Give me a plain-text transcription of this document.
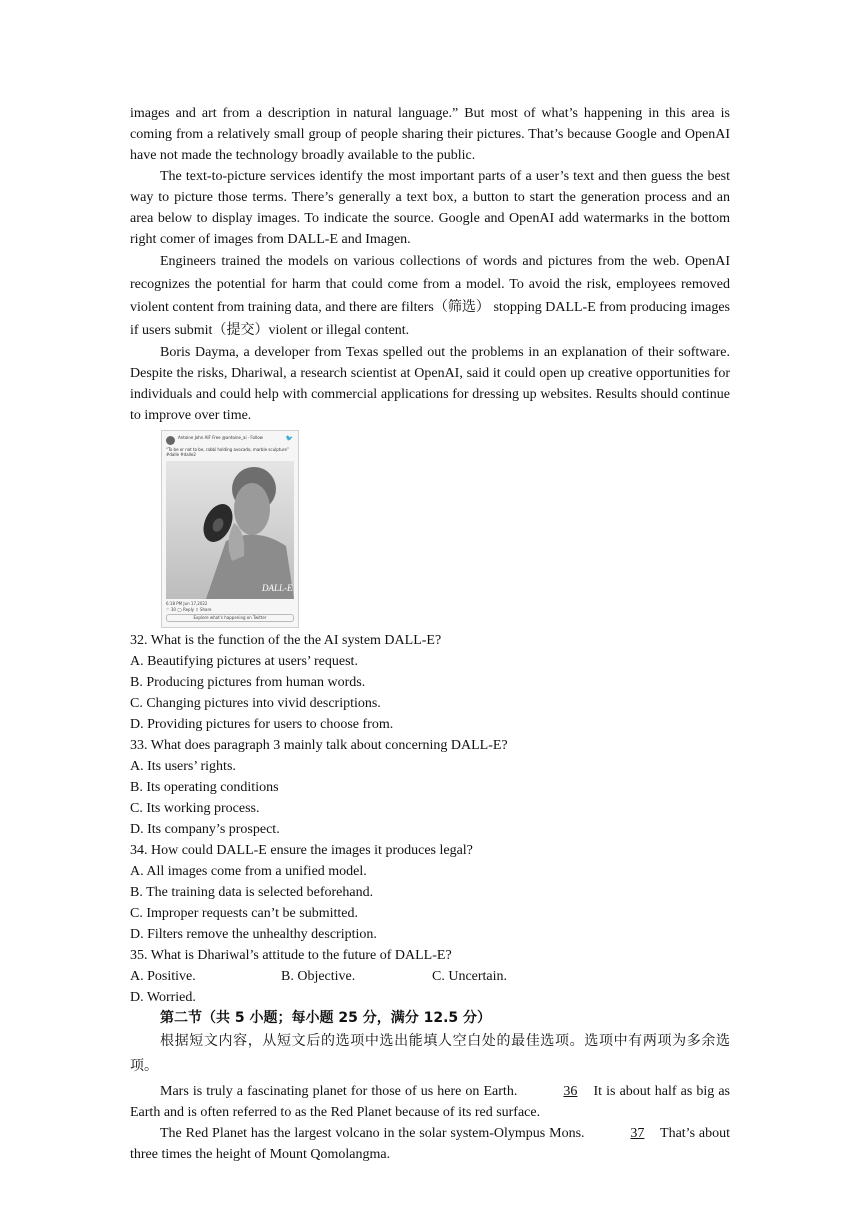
images and art from a description in natural language.” But most of what’s happening in this area is coming from a relatively small group of people sharing their pictures. That’s because Google and OpenAI have not made the technology broadly available to the public.

The text-to-picture services identify the most important parts of a user’s text and then guess the best way to picture those terms. There’s generally a text box, a button to start the generation process and an area below to display images. To indicate the source. Google and OpenAI add watermarks in the bottom right comer of images from DALL-E and Imagen.

Engineers trained the models on various collections of words and pictures from the web. OpenAI recognizes the potential for harm that could come from a model. To avoid the risk, employees removed violent content from training data, and there are filters（筛选） stopping DALL-E from producing images if users submit（提交）violent or illegal content.

Boris Dayma, a developer from Texas spelled out the problems in an explanation of their software. Despite the risks, Dhariwal, a research scientist at OpenAI, said it could open up creative opportunities for individuals and could help with commercial applications for dressing up websites. Results should continue to improve over time.

Antoine John AIF Free @antoine_ai · Follow	🐦
“To be or not to be, rabbi holding avocado, marble sculpture” #dalle #dalle2
DALL-E
6:18 PM Jun 17,2022
♡ 30 ◯ Reply ⇧ Share
Explore what’s happening on Twitter

32. What is the function of the the AI system DALL-E?

A. Beautifying pictures at users’ request.

B. Producing pictures from human words.

C. Changing pictures into vivid descriptions.

D. Providing pictures for users to choose from.

33. What does paragraph 3 mainly talk about concerning DALL-E?

A. Its users’ rights.
B. Its operating conditions
C. Its working process.
D. Its company’s prospect.

34. How could DALL-E ensure the images it produces legal?

A. All images come from a unified model.

B. The training data is selected beforehand.

C. Improper requests can’t be submitted.

D. Filters remove the unhealthy description.

35. What is Dhariwal’s attitude to the future of DALL-E?

A. Positive.	B. Objective.	C. Uncertain.
D. Worried.

第二节（共 5 小题；每小题 25 分，满分 12.5 分）

根据短文内容，从短文后的选项中选出能填人空白处的最佳选项。选项中有两项为多余选项。

Mars is truly a fascinating planet for those of us here on Earth.	36 It is about half as big as Earth and is often referred to as the Red Planet because of its red surface.

The Red Planet has the largest volcano in the solar system-Olympus Mons.	37 That’s about three times the height of Mount Qomolangma.
